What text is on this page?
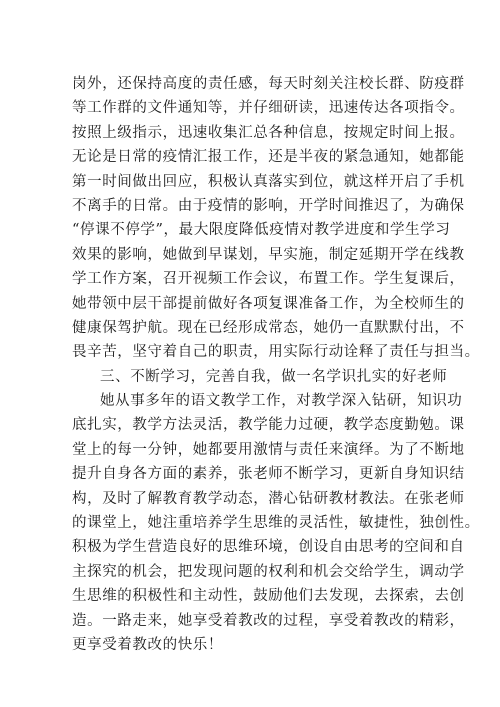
岗外，还保持高度的责任感，每天时刻关注校长群、防疫群
等工作群的文件通知等，并仔细研读，迅速传达各项指令。
按照上级指示，迅速收集汇总各种信息，按规定时间上报。
无论是日常的疫情汇报工作，还是半夜的紧急通知，她都能
第一时间做出回应，积极认真落实到位，就这样开启了手机
不离手的日常。由于疫情的影响，开学时间推迟了，为确保
“停课不停学”，最大限度降低疫情对教学进度和学生学习
效果的影响，她做到早谋划，早实施，制定延期开学在线教
学工作方案，召开视频工作会议，布置工作。学生复课后，
她带领中层干部提前做好各项复课准备工作，为全校师生的
健康保驾护航。现在已经形成常态，她仍一直默默付出，不
畏辛苦，坚守着自己的职责，用实际行动诠释了责任与担当。
三、不断学习，完善自我，做一名学识扎实的好老师
她从事多年的语文教学工作，对教学深入钻研，知识功
底扎实，教学方法灵活，教学能力过硬，教学态度勤勉。课
堂上的每一分钟，她都要用激情与责任来演绎。为了不断地
提升自身各方面的素养，张老师不断学习，更新自身知识结
构，及时了解教育教学动态，潜心钻研教材教法。在张老师
的课堂上，她注重培养学生思维的灵活性，敏捷性，独创性。
积极为学生营造良好的思维环境，创设自由思考的空间和自
主探究的机会，把发现问题的权利和机会交给学生，调动学
生思维的积极性和主动性，鼓励他们去发现，去探索，去创
造。一路走来，她享受着教改的过程，享受着教改的精彩，
更享受着教改的快乐！
